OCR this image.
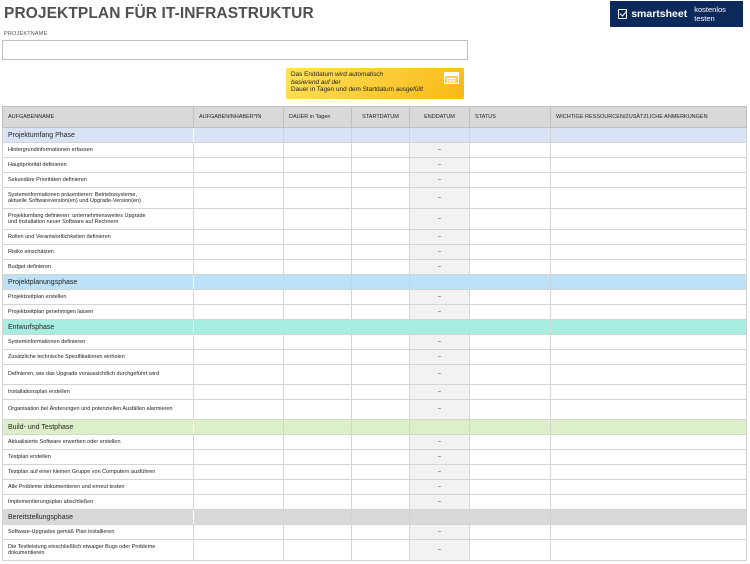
PROJEKTPLAN FÜR IT-INFRASTRUKTUR	smartsheet kostenlos testen
PROJEKTNAME
Das Enddatum wird automatisch
basierend auf der
Dauer in Tagen und dem Startdatum ausgefüllt
AUFGABENNAME	AUFGABENINHABER*IN	DAUER in Tagen	STARTDATUM	ENDDATUM	STATUS	WICHTIGE RESSOURCEN/ZUSÄTZLICHE ANMERKUNGEN
Projektumfang Phase						
Hintergrundinformationen erfassen				–		
Hauptpriorität definieren				–		
Sekundäre Prioritäten definieren				–		
Systeminformationen präsentieren: Betriebssysteme,
aktuelle Softwareversion(en) und Upgrade-Version(en)				–		
Projektumfang definieren: unternehmensweites Upgrade
und Installation neuer Software auf Rechnern				–		
Rollen und Verantwortlichkeiten definieren				–		
Risiko einschätzen				–		
Budget definieren				–		
Projektplanungsphase						
Projektzeitplan erstellen				–		
Projektzeitplan genehmigen lassen				–		
Entwurfsphase						
Systeminformationen definieren				–		
Zusätzliche technische Spezifikationen einholen				–		
Definieren, wie das Upgrade voraussichtlich durchgeführt wird				–		
Installationsplan erstellen				–		
Organisation bei Änderungen und potenziellen Ausfällen alarmieren				–		
Build- und Testphase						
Aktualisierte Software erwerben oder erstellen				–		
Testplan erstellen				–		
Testplan auf einer kleinen Gruppe von Computern ausführen				–		
Alle Probleme dokumentieren und erneut testen				–		
Implementierungsplan abschließen				–		
Bereitstellungsphase						
Software-Upgrades gemäß Plan installieren				–		
Die Testleistung einschließlich etwaiger Bugs oder Probleme
dokumentieren				–		
